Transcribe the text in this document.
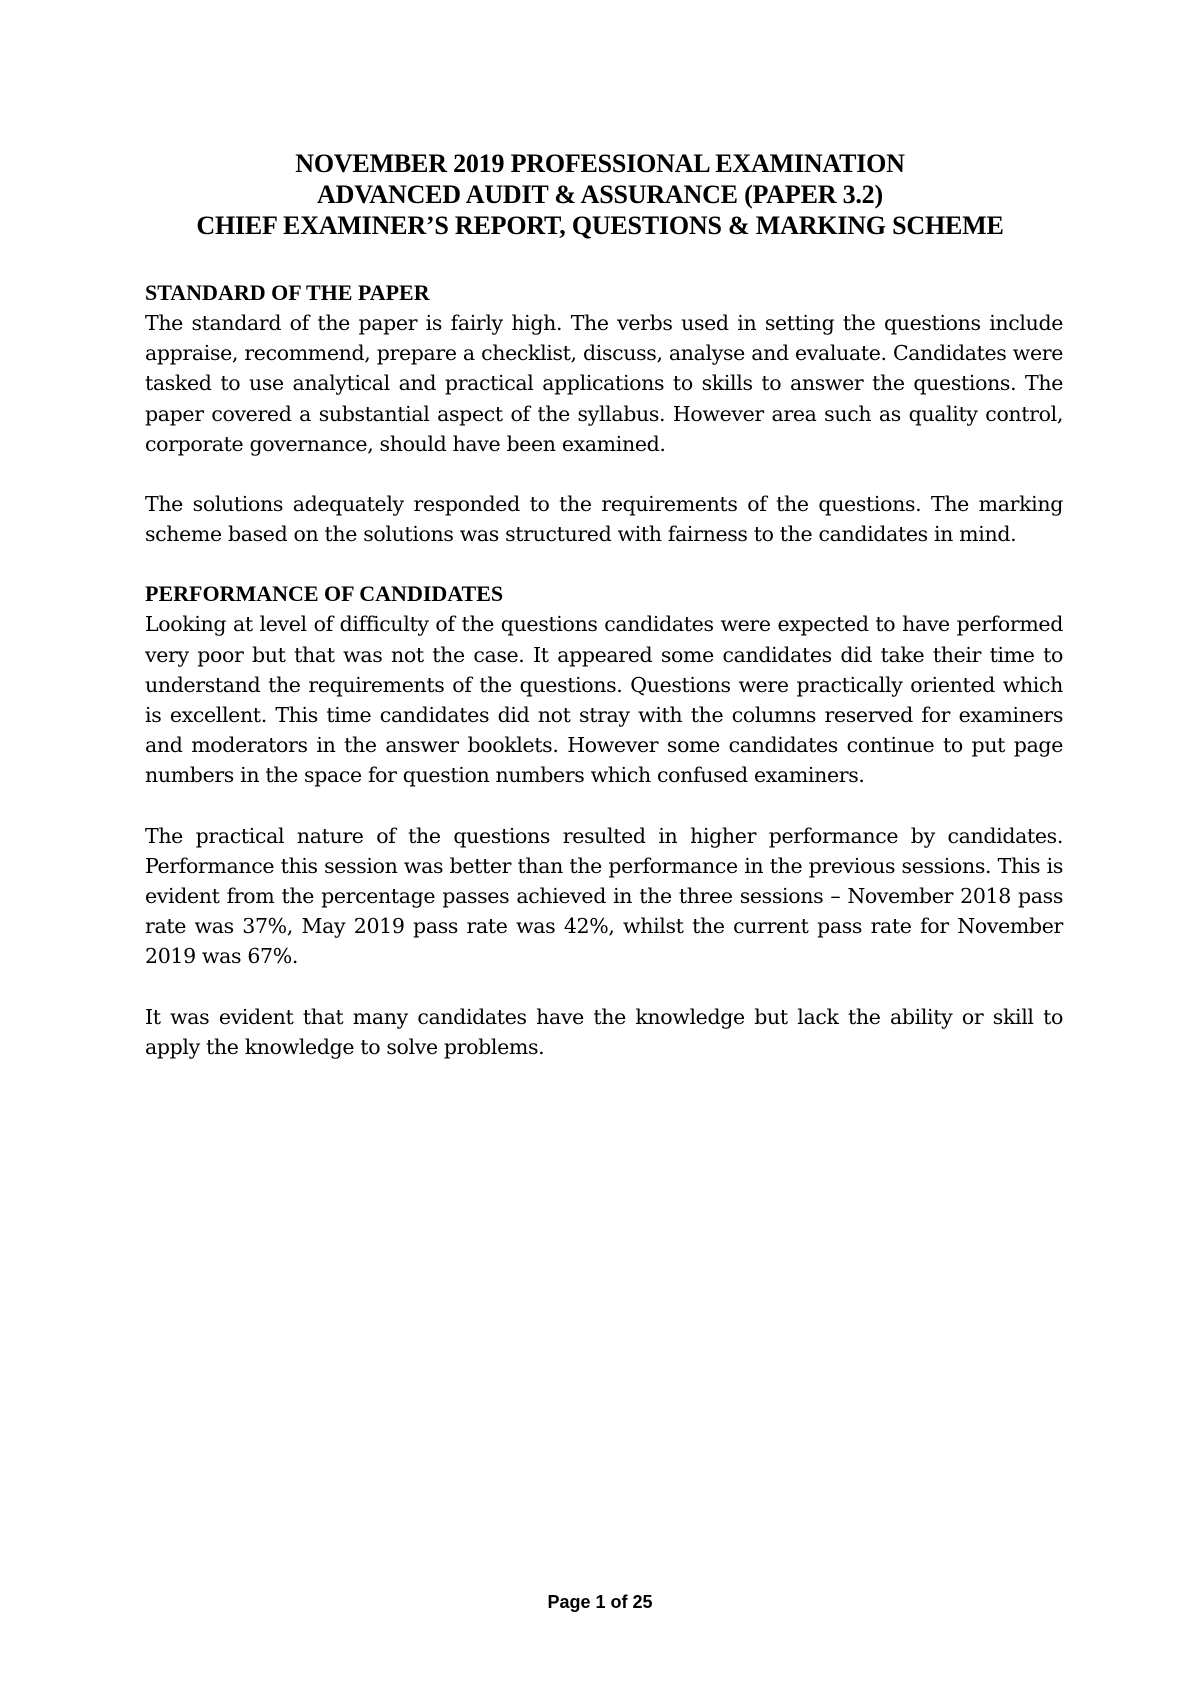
NOVEMBER 2019 PROFESSIONAL EXAMINATION
ADVANCED AUDIT & ASSURANCE (PAPER 3.2)
CHIEF EXAMINER’S REPORT, QUESTIONS & MARKING SCHEME
STANDARD OF THE PAPER

The standard of the paper is fairly high. The verbs used in setting the questions include appraise, recommend, prepare a checklist, discuss, analyse and evaluate. Candidates were tasked to use analytical and practical applications to skills to answer the questions. The paper covered a substantial aspect of the syllabus. However area such as quality control, corporate governance, should have been examined.

The solutions adequately responded to the requirements of the questions. The marking scheme based on the solutions was structured with fairness to the candidates in mind.

PERFORMANCE OF CANDIDATES

Looking at level of difficulty of the questions candidates were expected to have performed very poor but that was not the case. It appeared some candidates did take their time to understand the requirements of the questions. Questions were practically oriented which is excellent. This time candidates did not stray with the columns reserved for examiners and moderators in the answer booklets. However some candidates continue to put page numbers in the space for question numbers which confused examiners.

The practical nature of the questions resulted in higher performance by candidates. Performance this session was better than the performance in the previous sessions. This is evident from the percentage passes achieved in the three sessions – November 2018 pass rate was 37%, May 2019 pass rate was 42%, whilst the current pass rate for November 2019 was 67%.

It was evident that many candidates have the knowledge but lack the ability or skill to apply the knowledge to solve problems.

Page 1 of 25
